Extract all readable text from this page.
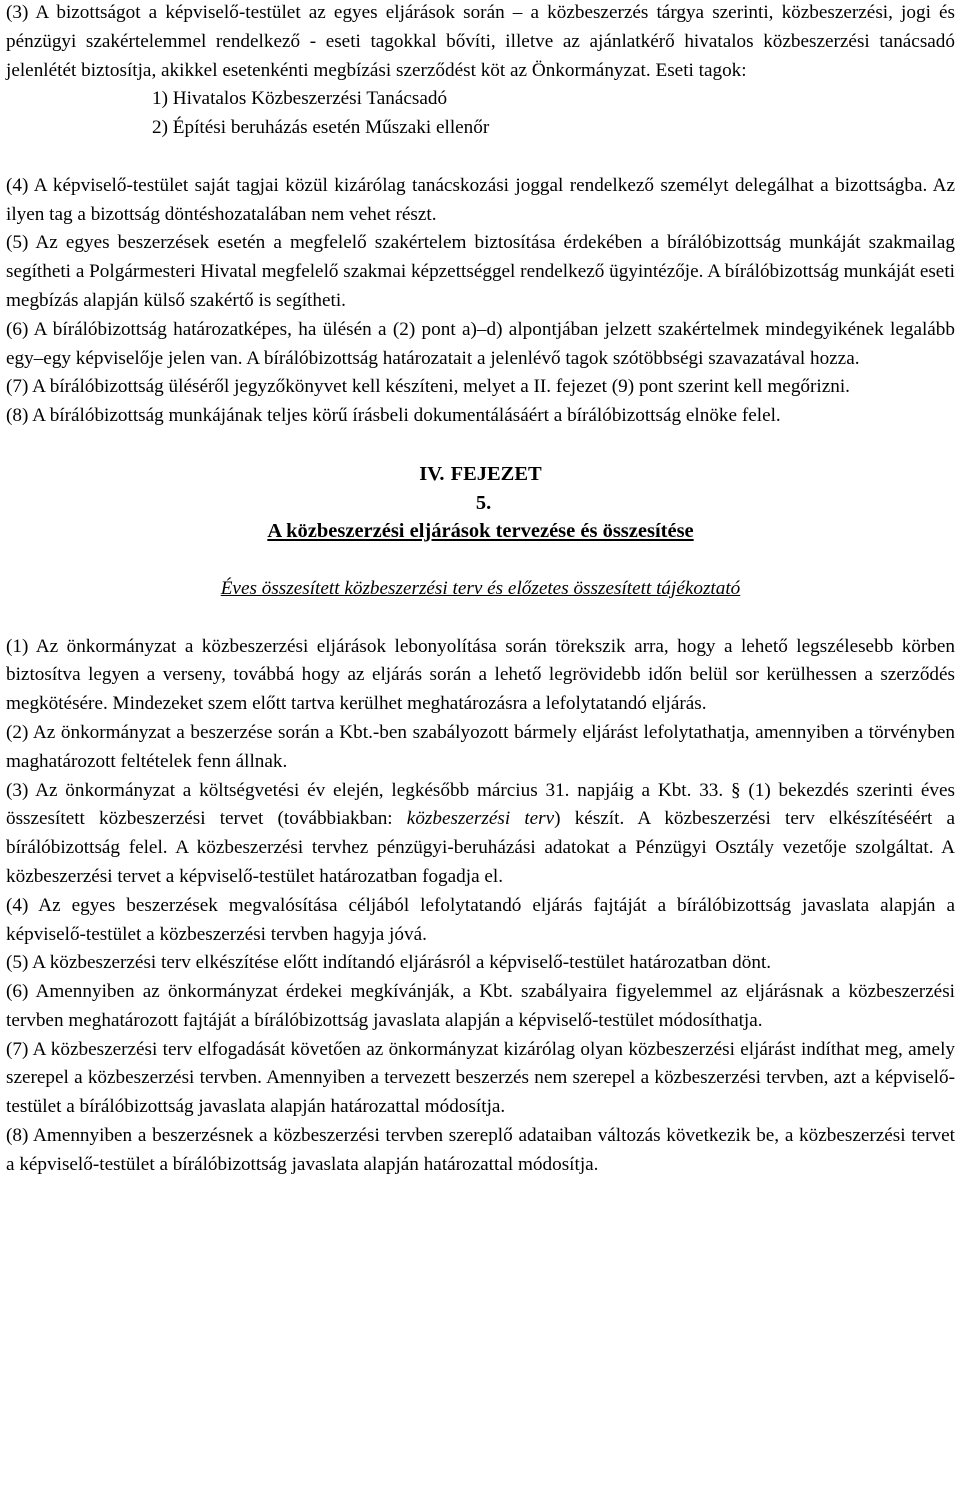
(3) A bizottságot a képviselő-testület az egyes eljárások során – a közbeszerzés tárgya szerinti, közbeszerzési, jogi és pénzügyi szakértelemmel rendelkező - eseti tagokkal bővíti, illetve az ajánlatkérő hivatalos közbeszerzési tanácsadó jelenlétét biztosítja, akikkel esetenkénti megbízási szerződést köt az Önkormányzat. Eseti tagok:

1) Hivatalos Közbeszerzési Tanácsadó
2) Építési beruházás esetén Műszaki ellenőr

(4) A képviselő-testület saját tagjai közül kizárólag tanácskozási joggal rendelkező személyt delegálhat a bizottságba. Az ilyen tag a bizottság döntéshozatalában nem vehet részt.

(5) Az egyes beszerzések esetén a megfelelő szakértelem biztosítása érdekében a bírálóbizottság munkáját szakmailag segítheti a Polgármesteri Hivatal megfelelő szakmai képzettséggel rendelkező ügyintézője. A bírálóbizottság munkáját eseti megbízás alapján külső szakértő is segítheti.

(6) A bírálóbizottság határozatképes, ha ülésén a (2) pont a)–d) alpontjában jelzett szakértelmek mindegyikének legalább egy–egy képviselője jelen van. A bírálóbizottság határozatait a jelenlévő tagok szótöbbségi szavazatával hozza.

(7) A bírálóbizottság üléséről jegyzőkönyvet kell készíteni, melyet a II. fejezet (9) pont szerint kell megőrizni.

(8) A bírálóbizottság munkájának teljes körű írásbeli dokumentálásáért a bírálóbizottság elnöke felel.

IV. FEJEZET

5.

A közbeszerzési eljárások tervezése és összesítése

Éves összesített közbeszerzési terv és előzetes összesített tájékoztató

(1) Az önkormányzat a közbeszerzési eljárások lebonyolítása során törekszik arra, hogy a lehető legszélesebb körben biztosítva legyen a verseny, továbbá hogy az eljárás során a lehető legrövidebb időn belül sor kerülhessen a szerződés megkötésére. Mindezeket szem előtt tartva kerülhet meghatározásra a lefolytatandó eljárás.

(2) Az önkormányzat a beszerzése során a Kbt.-ben szabályozott bármely eljárást lefolytathatja, amennyiben a törvényben maghatározott feltételek fenn állnak.

(3) Az önkormányzat a költségvetési év elején, legkésőbb március 31. napjáig a Kbt. 33. § (1) bekezdés szerinti éves összesített közbeszerzési tervet (továbbiakban: közbeszerzési terv) készít. A közbeszerzési terv elkészítéséért a bírálóbizottság felel. A közbeszerzési tervhez pénzügyi-beruházási adatokat a Pénzügyi Osztály vezetője szolgáltat. A közbeszerzési tervet a képviselő-testület határozatban fogadja el.

(4) Az egyes beszerzések megvalósítása céljából lefolytatandó eljárás fajtáját a bírálóbizottság javaslata alapján a képviselő-testület a közbeszerzési tervben hagyja jóvá.

(5) A közbeszerzési terv elkészítése előtt indítandó eljárásról a képviselő-testület határozatban dönt.

(6) Amennyiben az önkormányzat érdekei megkívánják, a Kbt. szabályaira figyelemmel az eljárásnak a közbeszerzési tervben meghatározott fajtáját a bírálóbizottság javaslata alapján a képviselő-testület módosíthatja.

(7) A közbeszerzési terv elfogadását követően az önkormányzat kizárólag olyan közbeszerzési eljárást indíthat meg, amely szerepel a közbeszerzési tervben. Amennyiben a tervezett beszerzés nem szerepel a közbeszerzési tervben, azt a képviselő-testület a bírálóbizottság javaslata alapján határozattal módosítja.

(8) Amennyiben a beszerzésnek a közbeszerzési tervben szereplő adataiban változás következik be, a közbeszerzési tervet a képviselő-testület a bírálóbizottság javaslata alapján határozattal módosítja.
